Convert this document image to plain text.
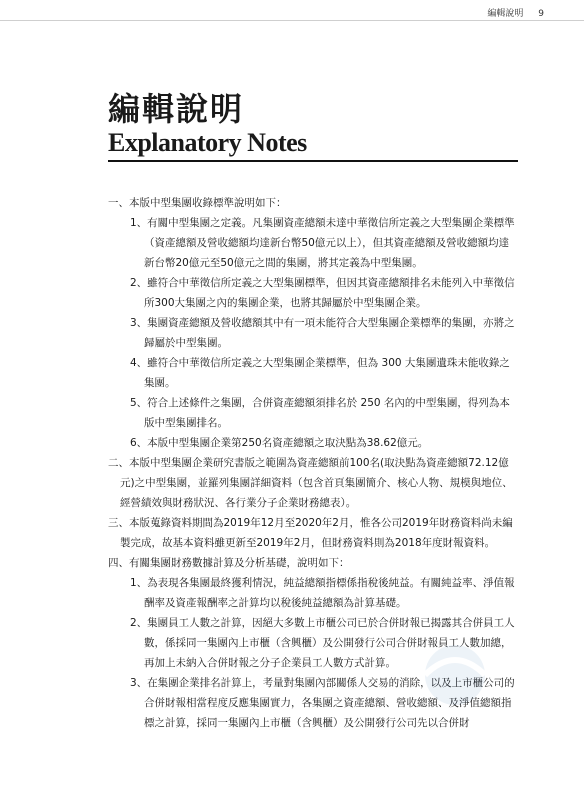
編輯說明 9
編輯說明
Explanatory Notes

一、本版中型集團收錄標準說明如下：

1、有關中型集團之定義。凡集團資產總額未達中華徵信所定義之大型集團企業標準（資產總額及營收總額均達新台幣50億元以上），但其資產總額及營收總額均達新台幣20億元至50億元之間的集團，將其定義為中型集團。

2、雖符合中華徵信所定義之大型集團標準，但因其資產總額排名未能列入中華徵信所300大集團之內的集團企業，也將其歸屬於中型集團企業。

3、集團資產總額及營收總額其中有一項未能符合大型集團企業標準的集團，亦將之歸屬於中型集團。

4、雖符合中華徵信所定義之大型集團企業標準，但為 300 大集團遺珠未能收錄之集團。

5、符合上述條件之集團，合併資產總額須排名於 250 名內的中型集團，得列為本版中型集團排名。

6、本版中型集團企業第250名資產總額之取決點為38.62億元。

二、本版中型集團企業研究書版之範圍為資產總額前100名(取決點為資產總額72.12億元)之中型集團，並羅列集團詳細資料（包含首頁集團簡介、核心人物、規模與地位、經營績效與財務狀況、各行業分子企業財務總表）。

三、本版蒐錄資料期間為2019年12月至2020年2月，惟各公司2019年財務資料尚未編製完成，故基本資料雖更新至2019年2月，但財務資料則為2018年度財報資料。

四、有關集團財務數據計算及分析基礎，說明如下：

1、為表現各集團最終獲利情況，純益總額指標係指稅後純益。有關純益率、淨值報酬率及資產報酬率之計算均以稅後純益總額為計算基礎。

2、集團員工人數之計算，因絕大多數上市櫃公司已於合併財報已揭露其合併員工人數，係採同一集團內上市櫃（含興櫃）及公開發行公司合併財報員工人數加總，再加上未納入合併財報之分子企業員工人數方式計算。

3、在集團企業排名計算上，考量對集團內部關係人交易的消除，以及上市櫃公司的合併財報相當程度反應集團實力，各集團之資產總額、營收總額、及淨值總額指標之計算，採同一集團內上市櫃（含興櫃）及公開發行公司先以合併財
